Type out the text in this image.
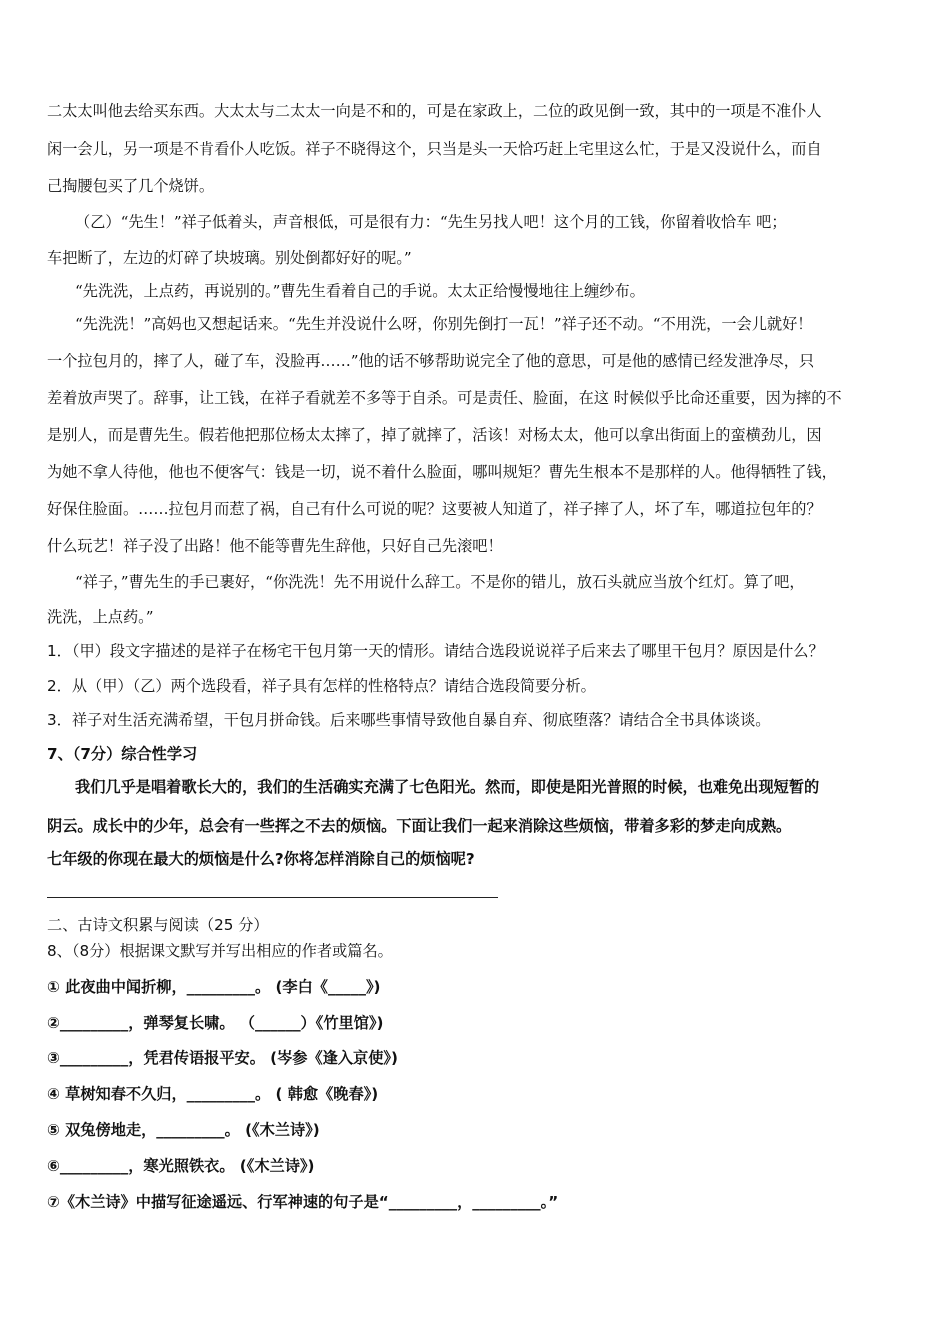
二太太叫他去给买东西。大太太与二太太一向是不和的，可是在家政上，二位的政见倒一致，其中的一项是不准仆人
闲一会儿，另一项是不肯看仆人吃饭。祥子不晓得这个，只当是头一天恰巧赶上宅里这么忙，于是又没说什么，而自
己掏腰包买了几个烧饼。
（乙）“先生！”祥子低着头，声音根低，可是很有力：“先生另找人吧！这个月的工钱，你留着收恰车 吧；
车把断了，左边的灯碎了块坡璃。别处倒都好好的呢。”
“先洗洗，上点药，再说别的。”曹先生看着自己的手说。太太正给慢慢地往上缠纱布。
“先洗洗！”高妈也又想起话来。“先生并没说什么呀，你别先倒打一瓦！”祥子还不动。“不用洗，一会儿就好！
一个拉包月的，摔了人，碰了车，没脸再……”他的话不够帮助说完全了他的意思，可是他的感情已经发泄净尽，只
差着放声哭了。辞事，让工钱，在祥子看就差不多等于自杀。可是责任、脸面，在这 时候似乎比命还重要，因为摔的不
是别人，而是曹先生。假若他把那位杨太太摔了，掉了就摔了，活该！对杨太太，他可以拿出街面上的蛮横劲儿，因
为她不拿人待他，他也不便客气：钱是一切，说不着什么脸面，哪叫规矩？曹先生根本不是那样的人。他得牺牲了钱，
好保住脸面。……拉包月而惹了祸，自己有什么可说的呢？这要被人知道了，祥子摔了人，坏了车，哪道拉包年的？
什么玩艺！祥子没了出路！他不能等曹先生辞他，只好自己先滚吧！
“祥子，”曹先生的手已裹好，“你洗洗！先不用说什么辞工。不是你的错儿，放石头就应当放个红灯。算了吧，
洗洗，上点药。”
1．（甲）段文字描述的是祥子在杨宅干包月第一天的情形。请结合选段说说祥子后来去了哪里干包月？原因是什么？
2．从（甲）（乙）两个选段看，祥子具有怎样的性格特点？请结合选段简要分析。
3．祥子对生活充满希望，干包月拼命钱。后来哪些事情导致他自暴自弃、彻底堕落？请结合全书具体谈谈。
7、（7分）综合性学习
我们几乎是唱着歌长大的，我们的生活确实充满了七色阳光。然而，即使是阳光普照的时候，也难免出现短暂的
阴云。成长中的少年，总会有一些挥之不去的烦恼。下面让我们一起来消除这些烦恼，带着多彩的梦走向成熟。
七年级的你现在最大的烦恼是什么?你将怎样消除自己的烦恼呢?
二、古诗文积累与阅读（25 分）
8、（8分）根据课文默写并写出相应的作者或篇名。
① 此夜曲中闻折柳，_________。 (李白《_____》)
②_________，弹琴复长啸。 （______）《竹里馆》)
③_________，凭君传语报平安。 (岑参《逢入京使》)
④ 草树知春不久归，_________。 ( 韩愈《晚春》)
⑤ 双兔傍地走，_________。 (《木兰诗》)
⑥_________，寒光照铁衣。 (《木兰诗》)
⑦《木兰诗》中描写征途遥远、行军神速的句子是“_________，_________。”
